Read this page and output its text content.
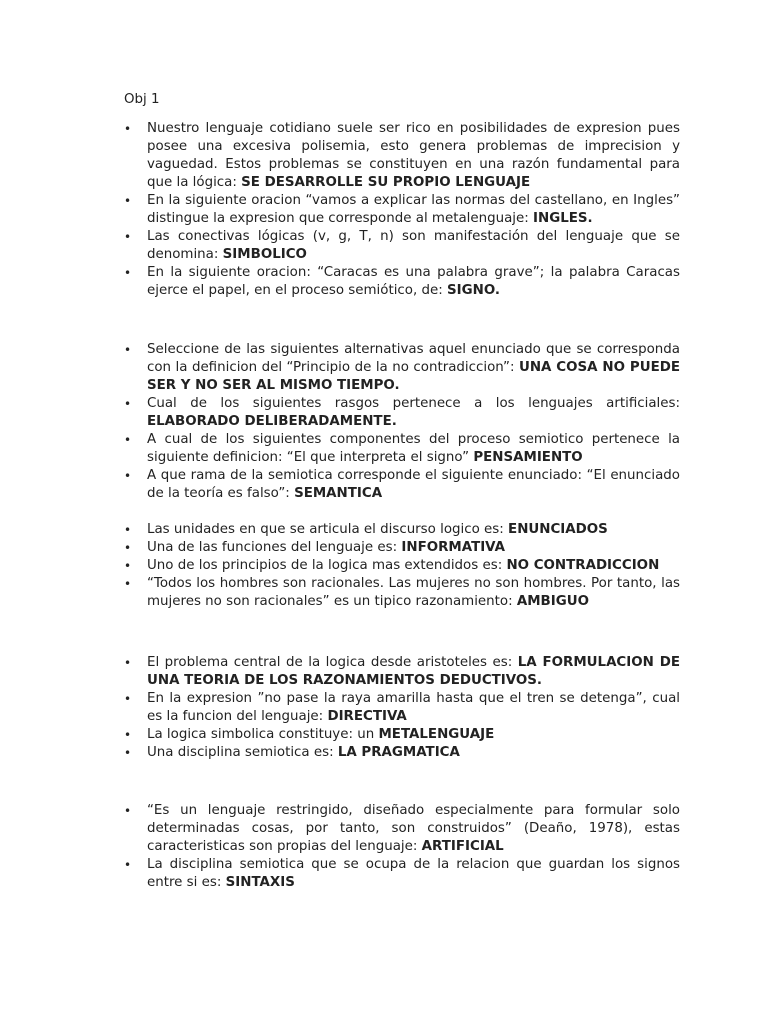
Obj 1
• Nuestro lenguaje cotidiano suele ser rico en posibilidades de expresion pues posee una excesiva polisemia, esto genera problemas de imprecision y vaguedad. Estos problemas se constituyen en una razón fundamental para que la lógica: SE DESARROLLE SU PROPIO LENGUAJE
• En la siguiente oracion “vamos a explicar las normas del castellano, en Ingles” distingue la expresion que corresponde al metalenguaje: INGLES.
• Las conectivas lógicas (v, g, T, n) son manifestación del lenguaje que se denomina: SIMBOLICO
• En la siguiente oracion: “Caracas es una palabra grave”; la palabra Caracas ejerce el papel, en el proceso semiótico, de: SIGNO.
• Seleccione de las siguientes alternativas aquel enunciado que se corresponda con la definicion del “Principio de la no contradiccion”: UNA COSA NO PUEDE SER Y NO SER AL MISMO TIEMPO.
• Cual de los siguientes rasgos pertenece a los lenguajes artificiales: ELABORADO DELIBERADAMENTE.
• A cual de los siguientes componentes del proceso semiotico pertenece la siguiente definicion: “El que interpreta el signo” PENSAMIENTO
• A que rama de la semiotica corresponde el siguiente enunciado: “El enunciado de la teoría es falso”: SEMANTICA
• Las unidades en que se articula el discurso logico es: ENUNCIADOS
• Una de las funciones del lenguaje es: INFORMATIVA
• Uno de los principios de la logica mas extendidos es: NO CONTRADICCION
• “Todos los hombres son racionales. Las mujeres no son hombres. Por tanto, las mujeres no son racionales” es un tipico razonamiento: AMBIGUO
• El problema central de la logica desde aristoteles es: LA FORMULACION DE UNA TEORIA DE LOS RAZONAMIENTOS DEDUCTIVOS.
• En la expresion ”no pase la raya amarilla hasta que el tren se detenga”, cual es la funcion del lenguaje: DIRECTIVA
• La logica simbolica constituye: un METALENGUAJE
• Una disciplina semiotica es: LA PRAGMATICA
• “Es un lenguaje restringido, diseñado especialmente para formular solo determinadas cosas, por tanto, son construidos” (Deaño, 1978), estas caracteristicas son propias del lenguaje: ARTIFICIAL
• La disciplina semiotica que se ocupa de la relacion que guardan los signos entre si es: SINTAXIS
